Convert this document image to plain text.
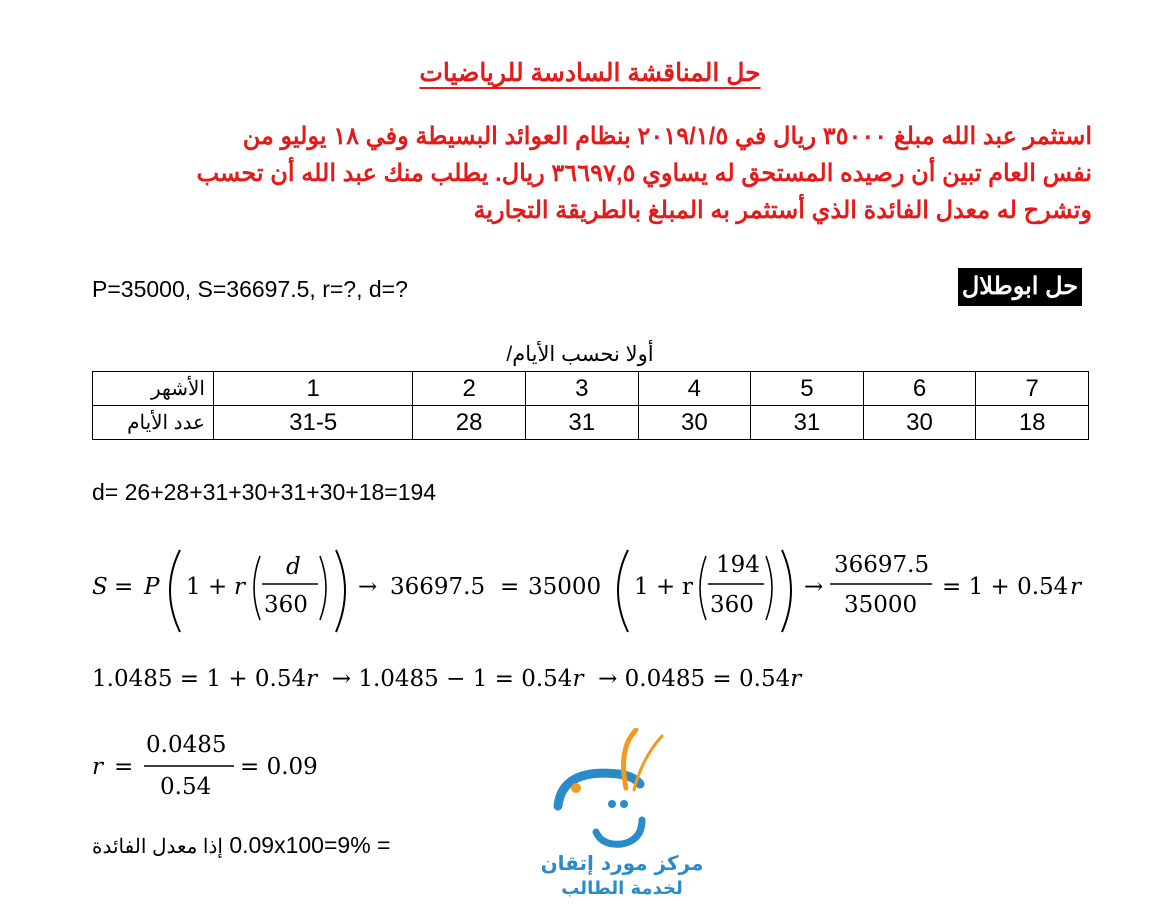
حل المناقشة السادسة للرياضيات
استثمر عبد الله مبلغ ٣٥٠٠٠ ريال في ٢٠١٩/١/٥ بنظام العوائد البسيطة وفي ١٨ يوليو من
نفس العام تبين أن رصيده المستحق له يساوي ٣٦٦٩٧,٥ ريال. يطلب منك عبد الله أن تحسب
وتشرح له معدل الفائدة الذي أستثمر به المبلغ بالطريقة التجارية
P=35000, S=36697.5, r=?, d=?	حل ابوطلال
أولا نحسب الأيام/
الأشهر	1	2	3	4	5	6	7
عدد الأيام	31-5	28	31	30	31	30	18
d= 26+28+31+30+31+30+18=194
S = P 1 + r
d
360
→ 36697.5 = 35000 1 + r
194
360
→
36697.5
35000
= 1 + 0.54 r
1.0485 = 1 + 0.54r → 1.0485 − 1 = 0.54r → 0.0485 = 0.54r
r =
0.0485
0.54
= 0.09
إذا معدل الفائدة 0.09x100=9% =
مركز مورد إتقان
لخدمة الطالب
